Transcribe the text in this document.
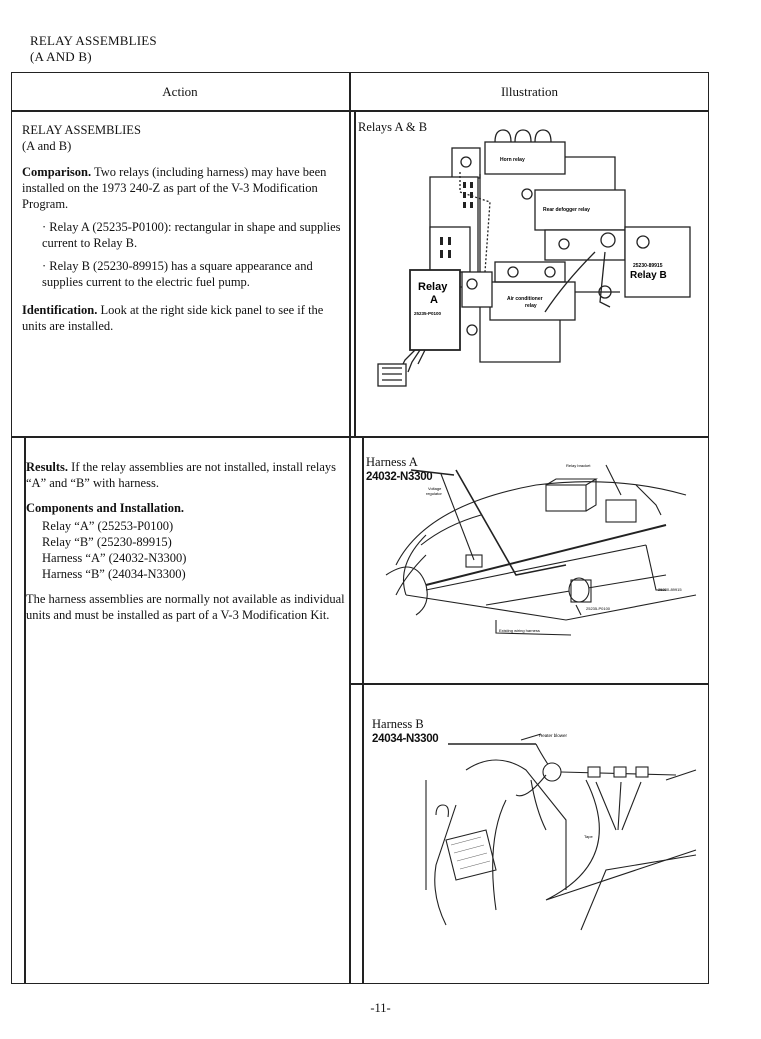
RELAY ASSEMBLIES
(A AND B)
Action	Illustration

RELAY ASSEMBLIES

(A and B)

Comparison. Two relays (including harness) may have been installed on the 1973 240-Z as part of the V-3 Modification Program.

· Relay A (25235-P0100): rectangular in shape and supplies current to Relay B.

· Relay B (25230-89915) has a square appearance and supplies current to the electric fuel pump.

Identification. Look at the right side kick panel to see if the units are installed.

Results. If the relay assemblies are not installed, install relays “A” and “B” with harness.

Components and Installation.

Relay “A” (25253-P0100)
Relay “B” (25230-89915)
Harness “A” (24032-N3300)
Harness “B” (24034-N3300)

The harness assemblies are normally not available as individual units and must be installed as part of a V-3 Modification Kit.

Relays A & B
Horn relay
Rear defogger relay
Relay
A
25235-P0100
25230-89915
Relay B
Air conditioner
relay
Harness A
24032-N3300
Voltage
regulator
Relay bracket
25230-89915
25235-P0100
Existing wiring harness
Harness B
24034-N3300	Heater blower
Tape
-11-
